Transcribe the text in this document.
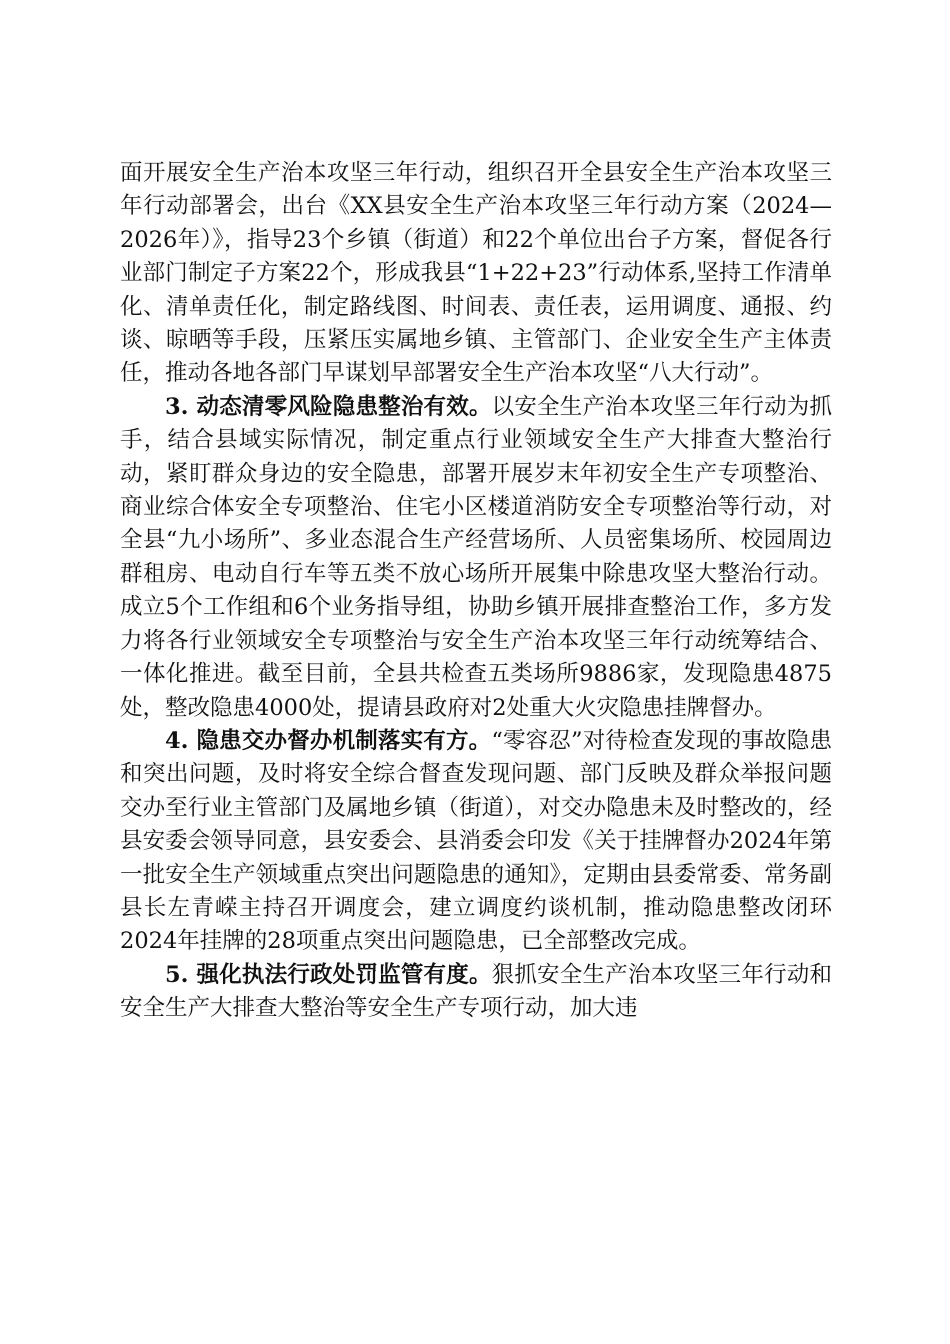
面开展安全生产治本攻坚三年行动，组织召开全县安全生产治本攻坚三年行动部署会，出台《XX县安全生产治本攻坚三年行动方案（2024—2026年）》，指导23个乡镇（街道）和22个单位出台子方案，督促各行业部门制定子方案22个，形成我县“1+22+23”行动体系,坚持工作清单化、清单责任化，制定路线图、时间表、责任表，运用调度、通报、约谈、晾晒等手段，压紧压实属地乡镇、主管部门、企业安全生产主体责任，推动各地各部门早谋划早部署安全生产治本攻坚“八大行动”。

3. 动态清零风险隐患整治有效。以安全生产治本攻坚三年行动为抓手，结合县域实际情况，制定重点行业领域安全生产大排查大整治行动，紧盯群众身边的安全隐患，部署开展岁末年初安全生产专项整治、商业综合体安全专项整治、住宅小区楼道消防安全专项整治等行动，对全县“九小场所”、多业态混合生产经营场所、人员密集场所、校园周边群租房、电动自行车等五类不放心场所开展集中除患攻坚大整治行动。成立5个工作组和6个业务指导组，协助乡镇开展排查整治工作，多方发力将各行业领域安全专项整治与安全生产治本攻坚三年行动统筹结合、一体化推进。截至目前，全县共检查五类场所9886家，发现隐患4875处，整改隐患4000处，提请县政府对2处重大火灾隐患挂牌督办。

4. 隐患交办督办机制落实有方。“零容忍”对待检查发现的事故隐患和突出问题，及时将安全综合督查发现问题、部门反映及群众举报问题交办至行业主管部门及属地乡镇（街道），对交办隐患未及时整改的，经县安委会领导同意，县安委会、县消委会印发《关于挂牌督办2024年第一批安全生产领域重点突出问题隐患的通知》，定期由县委常委、常务副县长左青嵘主持召开调度会，建立调度约谈机制，推动隐患整改闭环2024年挂牌的28项重点突出问题隐患，已全部整改完成。

5. 强化执法行政处罚监管有度。狠抓安全生产治本攻坚三年行动和安全生产大排查大整治等安全生产专项行动，加大违
